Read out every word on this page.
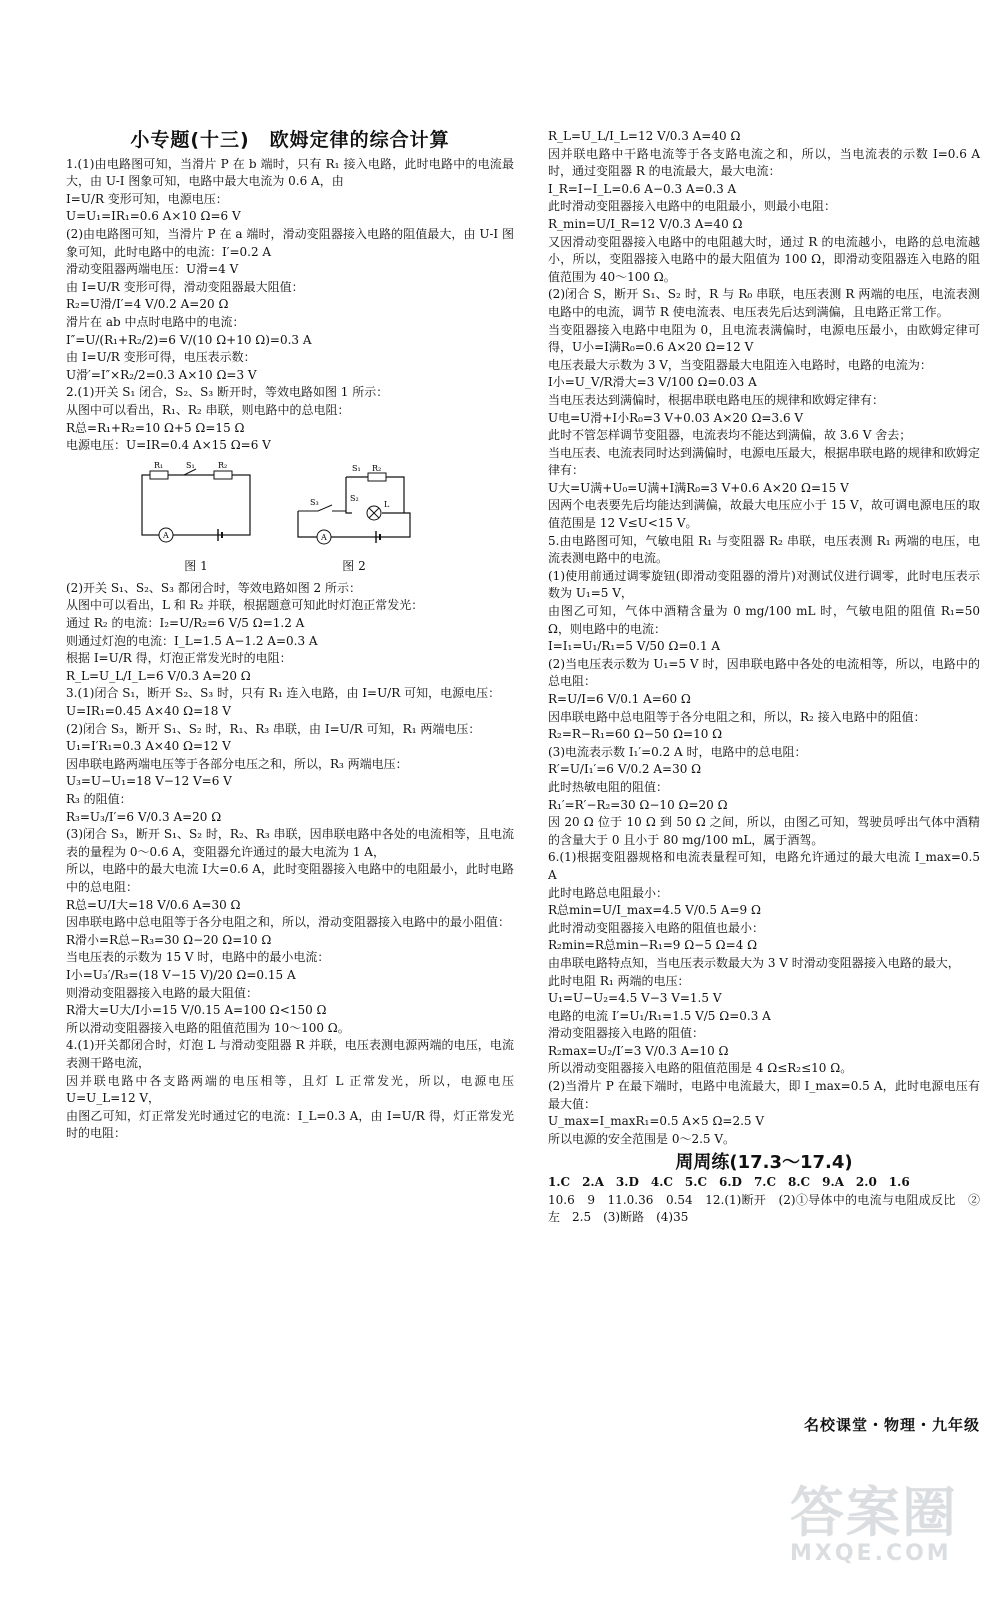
小专题(十三)　欧姆定律的综合计算

1.(1)由电路图可知，当滑片 P 在 b 端时，只有 R₁ 接入电路，此时电路中的电流最大，由 U-I 图象可知，电路中最大电流为 0.6 A，由

I=U/R 变形可知，电源电压：

U=U₁=IR₁=0.6 A×10 Ω=6 V

(2)由电路图可知，当滑片 P 在 a 端时，滑动变阻器接入电路的阻值最大，由 U-I 图象可知，此时电路中的电流：I′=0.2 A

滑动变阻器两端电压：U滑=4 V

由 I=U/R 变形可得，滑动变阻器最大阻值：

R₂=U滑/I′=4 V/0.2 A=20 Ω

滑片在 ab 中点时电路中的电流：

I″=U/(R₁+R₂/2)=6 V/(10 Ω+10 Ω)=0.3 A

由 I=U/R 变形可得，电压表示数：

U滑′=I″×R₂/2=0.3 A×10 Ω=3 V

2.(1)开关 S₁ 闭合，S₂、S₃ 断开时，等效电路如图 1 所示：

从图中可以看出，R₁、R₂ 串联，则电路中的总电阻：

R总=R₁+R₂=10 Ω+5 Ω=15 Ω

电源电压：U=IR=0.4 A×15 Ω=6 V

R₁	S₁	R₂
A
图 1
S₁
S₂
S₃
R₂
L
A
图 2

(2)开关 S₁、S₂、S₃ 都闭合时，等效电路如图 2 所示：

从图中可以看出，L 和 R₂ 并联，根据题意可知此时灯泡正常发光：

通过 R₂ 的电流：I₂=U/R₂=6 V/5 Ω=1.2 A

则通过灯泡的电流：I_L=1.5 A−1.2 A=0.3 A

根据 I=U/R 得，灯泡正常发光时的电阻：

R_L=U_L/I_L=6 V/0.3 A=20 Ω

3.(1)闭合 S₁，断开 S₂、S₃ 时，只有 R₁ 连入电路，由 I=U/R 可知，电源电压：

U=IR₁=0.45 A×40 Ω=18 V

(2)闭合 S₃，断开 S₁、S₂ 时，R₁、R₃ 串联，由 I=U/R 可知，R₁ 两端电压：

U₁=I′R₁=0.3 A×40 Ω=12 V

因串联电路两端电压等于各部分电压之和，所以，R₃ 两端电压：

U₃=U−U₁=18 V−12 V=6 V

R₃ 的阻值：

R₃=U₃/I′=6 V/0.3 A=20 Ω

(3)闭合 S₃，断开 S₁、S₂ 时，R₂、R₃ 串联，因串联电路中各处的电流相等，且电流表的量程为 0～0.6 A，变阻器允许通过的最大电流为 1 A，

所以，电路中的最大电流 I大=0.6 A，此时变阻器接入电路中的电阻最小，此时电路中的总电阻：

R总=U/I大=18 V/0.6 A=30 Ω

因串联电路中总电阻等于各分电阻之和，所以，滑动变阻器接入电路中的最小阻值：

R滑小=R总−R₃=30 Ω−20 Ω=10 Ω

当电压表的示数为 15 V 时，电路中的最小电流：

I小=U₃′/R₃=(18 V−15 V)/20 Ω=0.15 A

则滑动变阻器接入电路的最大阻值：

R滑大=U大/I小=15 V/0.15 A=100 Ω<150 Ω

所以滑动变阻器接入电路的阻值范围为 10～100 Ω。

4.(1)开关都闭合时，灯泡 L 与滑动变阻器 R 并联，电压表测电源两端的电压，电流表测干路电流，

因并联电路中各支路两端的电压相等，且灯 L 正常发光，所以，电源电压 U=U_L=12 V，

由图乙可知，灯正常发光时通过它的电流：I_L=0.3 A，由 I=U/R 得，灯正常发光时的电阻：

R_L=U_L/I_L=12 V/0.3 A=40 Ω

因并联电路中干路电流等于各支路电流之和，所以，当电流表的示数 I=0.6 A 时，通过变阻器 R 的电流最大，最大电流：

I_R=I−I_L=0.6 A−0.3 A=0.3 A

此时滑动变阻器接入电路中的电阻最小，则最小电阻：

R_min=U/I_R=12 V/0.3 A=40 Ω

又因滑动变阻器接入电路中的电阻越大时，通过 R 的电流越小，电路的总电流越小，所以，变阻器接入电路中的最大阻值为 100 Ω，即滑动变阻器连入电路的阻值范围为 40～100 Ω。

(2)闭合 S，断开 S₁、S₂ 时，R 与 R₀ 串联，电压表测 R 两端的电压，电流表测电路中的电流，调节 R 使电流表、电压表先后达到满偏，且电路正常工作。

当变阻器接入电路中电阻为 0，且电流表满偏时，电源电压最小，由欧姆定律可得，U小=I满R₀=0.6 A×20 Ω=12 V

电压表最大示数为 3 V，当变阻器最大电阻连入电路时，电路的电流为：

I小=U_V/R滑大=3 V/100 Ω=0.03 A

当电压表达到满偏时，根据串联电路电压的规律和欧姆定律有：

U电=U滑+I小R₀=3 V+0.03 A×20 Ω=3.6 V

此时不管怎样调节变阻器，电流表均不能达到满偏，故 3.6 V 舍去；

当电压表、电流表同时达到满偏时，电源电压最大，根据串联电路的规律和欧姆定律有：

U大=U满+U₀=U满+I满R₀=3 V+0.6 A×20 Ω=15 V

因两个电表要先后均能达到满偏，故最大电压应小于 15 V，故可调电源电压的取值范围是 12 V≤U<15 V。

5.由电路图可知，气敏电阻 R₁ 与变阻器 R₂ 串联，电压表测 R₁ 两端的电压，电流表测电路中的电流。

(1)使用前通过调零旋钮(即滑动变阻器的滑片)对测试仪进行调零，此时电压表示数为 U₁=5 V，

由图乙可知，气体中酒精含量为 0 mg/100 mL 时，气敏电阻的阻值 R₁=50 Ω，则电路中的电流：

I=I₁=U₁/R₁=5 V/50 Ω=0.1 A

(2)当电压表示数为 U₁=5 V 时，因串联电路中各处的电流相等，所以，电路中的总电阻：

R=U/I=6 V/0.1 A=60 Ω

因串联电路中总电阻等于各分电阻之和，所以，R₂ 接入电路中的阻值：

R₂=R−R₁=60 Ω−50 Ω=10 Ω

(3)电流表示数 I₁′=0.2 A 时，电路中的总电阻：

R′=U/I₁′=6 V/0.2 A=30 Ω

此时热敏电阻的阻值：

R₁′=R′−R₂=30 Ω−10 Ω=20 Ω

因 20 Ω 位于 10 Ω 到 50 Ω 之间，所以，由图乙可知，驾驶员呼出气体中酒精的含量大于 0 且小于 80 mg/100 mL，属于酒驾。

6.(1)根据变阻器规格和电流表量程可知，电路允许通过的最大电流 I_max=0.5 A

此时电路总电阻最小：

R总min=U/I_max=4.5 V/0.5 A=9 Ω

此时滑动变阻器接入电路的阻值也最小：

R₂min=R总min−R₁=9 Ω−5 Ω=4 Ω

由串联电路特点知，当电压表示数最大为 3 V 时滑动变阻器接入电路的最大，

此时电阻 R₁ 两端的电压：

U₁=U−U₂=4.5 V−3 V=1.5 V

电路的电流 I′=U₁/R₁=1.5 V/5 Ω=0.3 A

滑动变阻器接入电路的阻值：

R₂max=U₂/I′=3 V/0.3 A=10 Ω

所以滑动变阻器接入电路的阻值范围是 4 Ω≤R₂≤10 Ω。

(2)当滑片 P 在最下端时，电路中电流最大，即 I_max=0.5 A，此时电源电压有最大值：

U_max=I_maxR₁=0.5 A×5 Ω=2.5 V

所以电源的安全范围是 0～2.5 V。

周周练(17.3～17.4)

1.C　2.A　3.D　4.C　5.C　6.D　7.C　8.C　9.A　2.0　1.6

10.6　9　11.0.36　0.54　12.(1)断开　(2)①导体中的电流与电阻成反比　②左　2.5　(3)断路　(4)35

名校课堂・物理・九年级
答案圈
MXQE.COM
